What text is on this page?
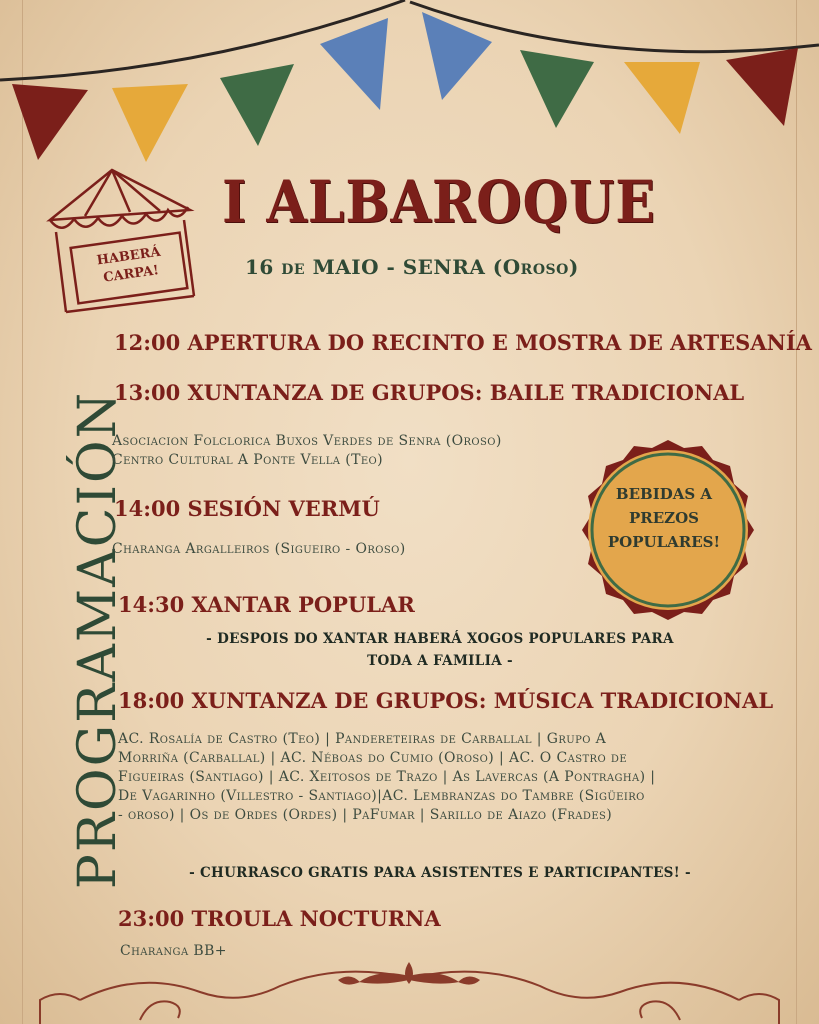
I ALBAROQUE
16 de MAIO - SENRA (Oroso)
HABERÁ
CARPA!
PROGRAMACIÓN	BEBIDAS A
PREZOS
POPULARES!
12:00 APERTURA DO RECINTO E MOSTRA DE ARTESANÍA
13:00 XUNTANZA DE GRUPOS: BAILE TRADICIONAL
Asociacion Folclorica Buxos Verdes de Senra (Oroso)
Centro Cultural A Ponte Vella (Teo)
14:00 SESIÓN VERMÚ
Charanga Argalleiros (Sigueiro - Oroso)
14:30 XANTAR POPULAR
- DESPOIS DO XANTAR HABERÁ XOGOS POPULARES PARA
TODA A FAMILIA -
18:00 XUNTANZA DE GRUPOS: MÚSICA TRADICIONAL
AC. Rosalía de Castro (Teo) | Pandereteiras de Carballal | Grupo A
Morriña (Carballal) | AC. Néboas do Cumio (Oroso) | AC. O Castro de
Figueiras (Santiago) | AC. Xeitosos de Trazo | As Lavercas (A Pontragha) |
De Vagarinho (Villestro - Santiago)|AC. Lembranzas do Tambre (Sigüeiro
- oroso) | Os de Ordes (Ordes) | PaFumar | Sarillo de Aiazo (Frades)
- CHURRASCO GRATIS PARA ASISTENTES E PARTICIPANTES! -
23:00 TROULA NOCTURNA
Charanga BB+
